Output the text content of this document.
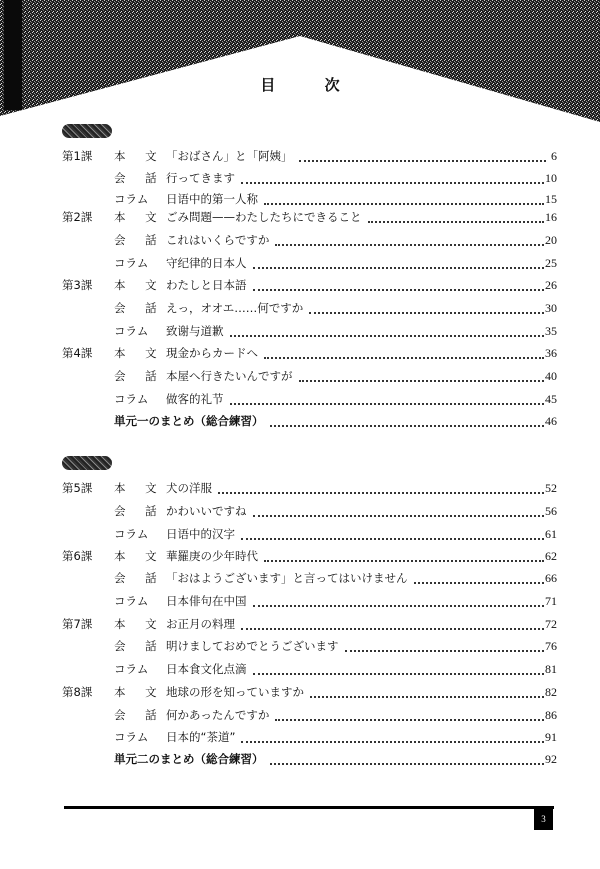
目	次
第1課	本 文 「おばさん」と「阿姨」	6
会 話 行ってきます	10
コラム	日语中的第一人称	15
第2課	本 文 ごみ問題——わたしたちにできること	16
会 話 これはいくらですか	20
コラム	守纪律的日本人	25
第3課	本 文 わたしと日本語	26
会 話 えっ，オオエ……何ですか	30
コラム	致谢与道歉	35
第4課	本 文 現金からカードへ	36
会 話 本屋へ行きたいんですが	40
コラム	做客的礼节	45
単元一のまとめ（総合練習）	46
第5課	本 文 犬の洋服	52
会 話 かわいいですね	56
コラム	日语中的汉字	61
第6課	本 文 華羅庚の少年時代	62
会 話 「おはようございます」と言ってはいけません	66
コラム	日本俳句在中国	71
第7課	本 文 お正月の料理	72
会 話 明けましておめでとうございます	76
コラム	日本食文化点滴	81
第8課	本 文 地球の形を知っていますか	82
会 話 何かあったんですか	86
コラム	日本的“茶道”	91
単元二のまとめ（総合練習）	92
3
